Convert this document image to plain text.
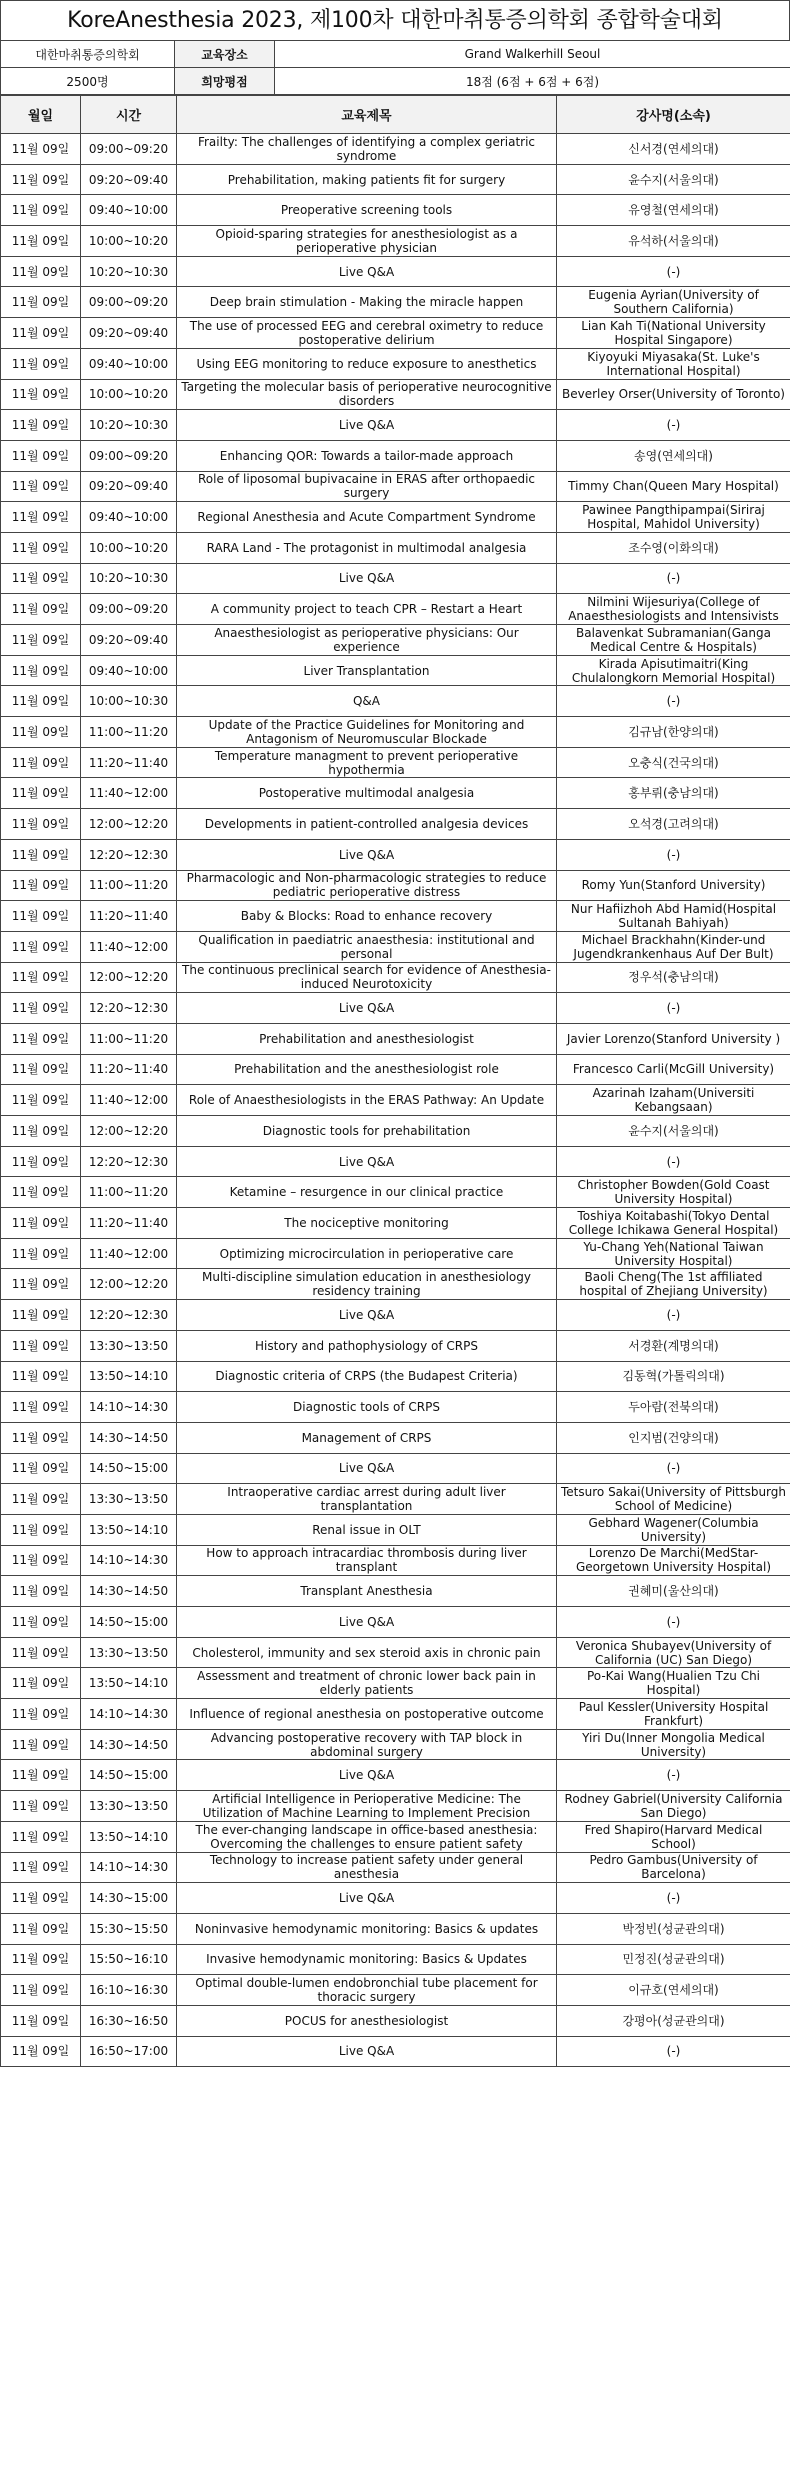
KoreAnesthesia 2023, 제100차 대한마취통증의학회 종합학술대회
대한마취통증의학회	교육장소	Grand Walkerhill Seoul
2500명	희망평점	18점 (6점 + 6점 + 6점)
월일	시간	교육제목	강사명(소속)
11월 09일	09:00~09:20	Frailty: The challenges of identifying a complex geriatric syndrome	신서경(연세의대)
11월 09일	09:20~09:40	Prehabilitation, making patients fit for surgery	윤수지(서울의대)
11월 09일	09:40~10:00	Preoperative screening tools	유영철(연세의대)
11월 09일	10:00~10:20	Opioid-sparing strategies for anesthesiologist as a perioperative physician	유석하(서울의대)
11월 09일	10:20~10:30	Live Q&A	(-)
11월 09일	09:00~09:20	Deep brain stimulation - Making the miracle happen	Eugenia Ayrian(University of Southern California)
11월 09일	09:20~09:40	The use of processed EEG and cerebral oximetry to reduce postoperative delirium	Lian Kah Ti(National University Hospital Singapore)
11월 09일	09:40~10:00	Using EEG monitoring to reduce exposure to anesthetics	Kiyoyuki Miyasaka(St. Luke's International Hospital)
11월 09일	10:00~10:20	Targeting the molecular basis of perioperative neurocognitive disorders	Beverley Orser(University of Toronto)
11월 09일	10:20~10:30	Live Q&A	(-)
11월 09일	09:00~09:20	Enhancing QOR: Towards a tailor-made approach	송영(연세의대)
11월 09일	09:20~09:40	Role of liposomal bupivacaine in ERAS after orthopaedic surgery	Timmy Chan(Queen Mary Hospital)
11월 09일	09:40~10:00	Regional Anesthesia and Acute Compartment Syndrome	Pawinee Pangthipampai(Siriraj Hospital, Mahidol University)
11월 09일	10:00~10:20	RARA Land - The protagonist in multimodal analgesia	조수영(이화의대)
11월 09일	10:20~10:30	Live Q&A	(-)
11월 09일	09:00~09:20	A community project to teach CPR – Restart a Heart	Nilmini Wijesuriya(College of Anaesthesiologists and Intensivists
11월 09일	09:20~09:40	Anaesthesiologist as perioperative physicians: Our experience	Balavenkat Subramanian(Ganga Medical Centre & Hospitals)
11월 09일	09:40~10:00	Liver Transplantation	Kirada Apisutimaitri(King Chulalongkorn Memorial Hospital)
11월 09일	10:00~10:30	Q&A	(-)
11월 09일	11:00~11:20	Update of the Practice Guidelines for Monitoring and Antagonism of Neuromuscular Blockade	김규남(한양의대)
11월 09일	11:20~11:40	Temperature managment to prevent perioperative hypothermia	오충식(건국의대)
11월 09일	11:40~12:00	Postoperative multimodal analgesia	홍부뤼(충남의대)
11월 09일	12:00~12:20	Developments in patient-controlled analgesia devices	오석경(고려의대)
11월 09일	12:20~12:30	Live Q&A	(-)
11월 09일	11:00~11:20	Pharmacologic and Non-pharmacologic strategies to reduce pediatric perioperative distress	Romy Yun(Stanford University)
11월 09일	11:20~11:40	Baby & Blocks: Road to enhance recovery	Nur Hafiizhoh Abd Hamid(Hospital Sultanah Bahiyah)
11월 09일	11:40~12:00	Qualification in paediatric anaesthesia: institutional and personal	Michael Brackhahn(Kinder-und Jugendkrankenhaus Auf Der Bult)
11월 09일	12:00~12:20	The continuous preclinical search for evidence of Anesthesia-induced Neurotoxicity	정우석(충남의대)
11월 09일	12:20~12:30	Live Q&A	(-)
11월 09일	11:00~11:20	Prehabilitation and anesthesiologist	Javier Lorenzo(Stanford University )
11월 09일	11:20~11:40	Prehabilitation and the anesthesiologist role	Francesco Carli(McGill University)
11월 09일	11:40~12:00	Role of Anaesthesiologists in the ERAS Pathway: An Update	Azarinah Izaham(Universiti Kebangsaan)
11월 09일	12:00~12:20	Diagnostic tools for prehabilitation	윤수지(서울의대)
11월 09일	12:20~12:30	Live Q&A	(-)
11월 09일	11:00~11:20	Ketamine – resurgence in our clinical practice	Christopher Bowden(Gold Coast University Hospital)
11월 09일	11:20~11:40	The nociceptive monitoring	Toshiya Koitabashi(Tokyo Dental College Ichikawa General Hospital)
11월 09일	11:40~12:00	Optimizing microcirculation in perioperative care	Yu-Chang Yeh(National Taiwan University Hospital)
11월 09일	12:00~12:20	Multi-discipline simulation education in anesthesiology residency training	Baoli Cheng(The 1st affiliated hospital of Zhejiang University)
11월 09일	12:20~12:30	Live Q&A	(-)
11월 09일	13:30~13:50	History and pathophysiology of CRPS	서경환(계명의대)
11월 09일	13:50~14:10	Diagnostic criteria of CRPS (the Budapest Criteria)	김동혁(가톨릭의대)
11월 09일	14:10~14:30	Diagnostic tools of CRPS	두아람(전북의대)
11월 09일	14:30~14:50	Management of CRPS	인지범(건양의대)
11월 09일	14:50~15:00	Live Q&A	(-)
11월 09일	13:30~13:50	Intraoperative cardiac arrest during adult liver transplantation	Tetsuro Sakai(University of Pittsburgh School of Medicine)
11월 09일	13:50~14:10	Renal issue in OLT	Gebhard Wagener(Columbia University)
11월 09일	14:10~14:30	How to approach intracardiac thrombosis during liver transplant	Lorenzo De Marchi(MedStar-Georgetown University Hospital)
11월 09일	14:30~14:50	Transplant Anesthesia	권혜미(울산의대)
11월 09일	14:50~15:00	Live Q&A	(-)
11월 09일	13:30~13:50	Cholesterol, immunity and sex steroid axis in chronic pain	Veronica Shubayev(University of California (UC) San Diego)
11월 09일	13:50~14:10	Assessment and treatment of chronic lower back pain in elderly patients	Po-Kai Wang(Hualien Tzu Chi Hospital)
11월 09일	14:10~14:30	Influence of regional anesthesia on postoperative outcome	Paul Kessler(University Hospital Frankfurt)
11월 09일	14:30~14:50	Advancing postoperative recovery with TAP block in abdominal surgery	Yiri Du(Inner Mongolia Medical University)
11월 09일	14:50~15:00	Live Q&A	(-)
11월 09일	13:30~13:50	Artificial Intelligence in Perioperative Medicine: The Utilization of Machine Learning to Implement Precision	Rodney Gabriel(University California San Diego)
11월 09일	13:50~14:10	The ever-changing landscape in office-based anesthesia: Overcoming the challenges to ensure patient safety	Fred Shapiro(Harvard Medical School)
11월 09일	14:10~14:30	Technology to increase patient safety under general anesthesia	Pedro Gambus(University of Barcelona)
11월 09일	14:30~15:00	Live Q&A	(-)
11월 09일	15:30~15:50	Noninvasive hemodynamic monitoring: Basics & updates	박정빈(성균관의대)
11월 09일	15:50~16:10	Invasive hemodynamic monitoring: Basics & Updates	민정진(성균관의대)
11월 09일	16:10~16:30	Optimal double-lumen endobronchial tube placement for thoracic surgery	이규호(연세의대)
11월 09일	16:30~16:50	POCUS for anesthesiologist	강평아(성균관의대)
11월 09일	16:50~17:00	Live Q&A	(-)
